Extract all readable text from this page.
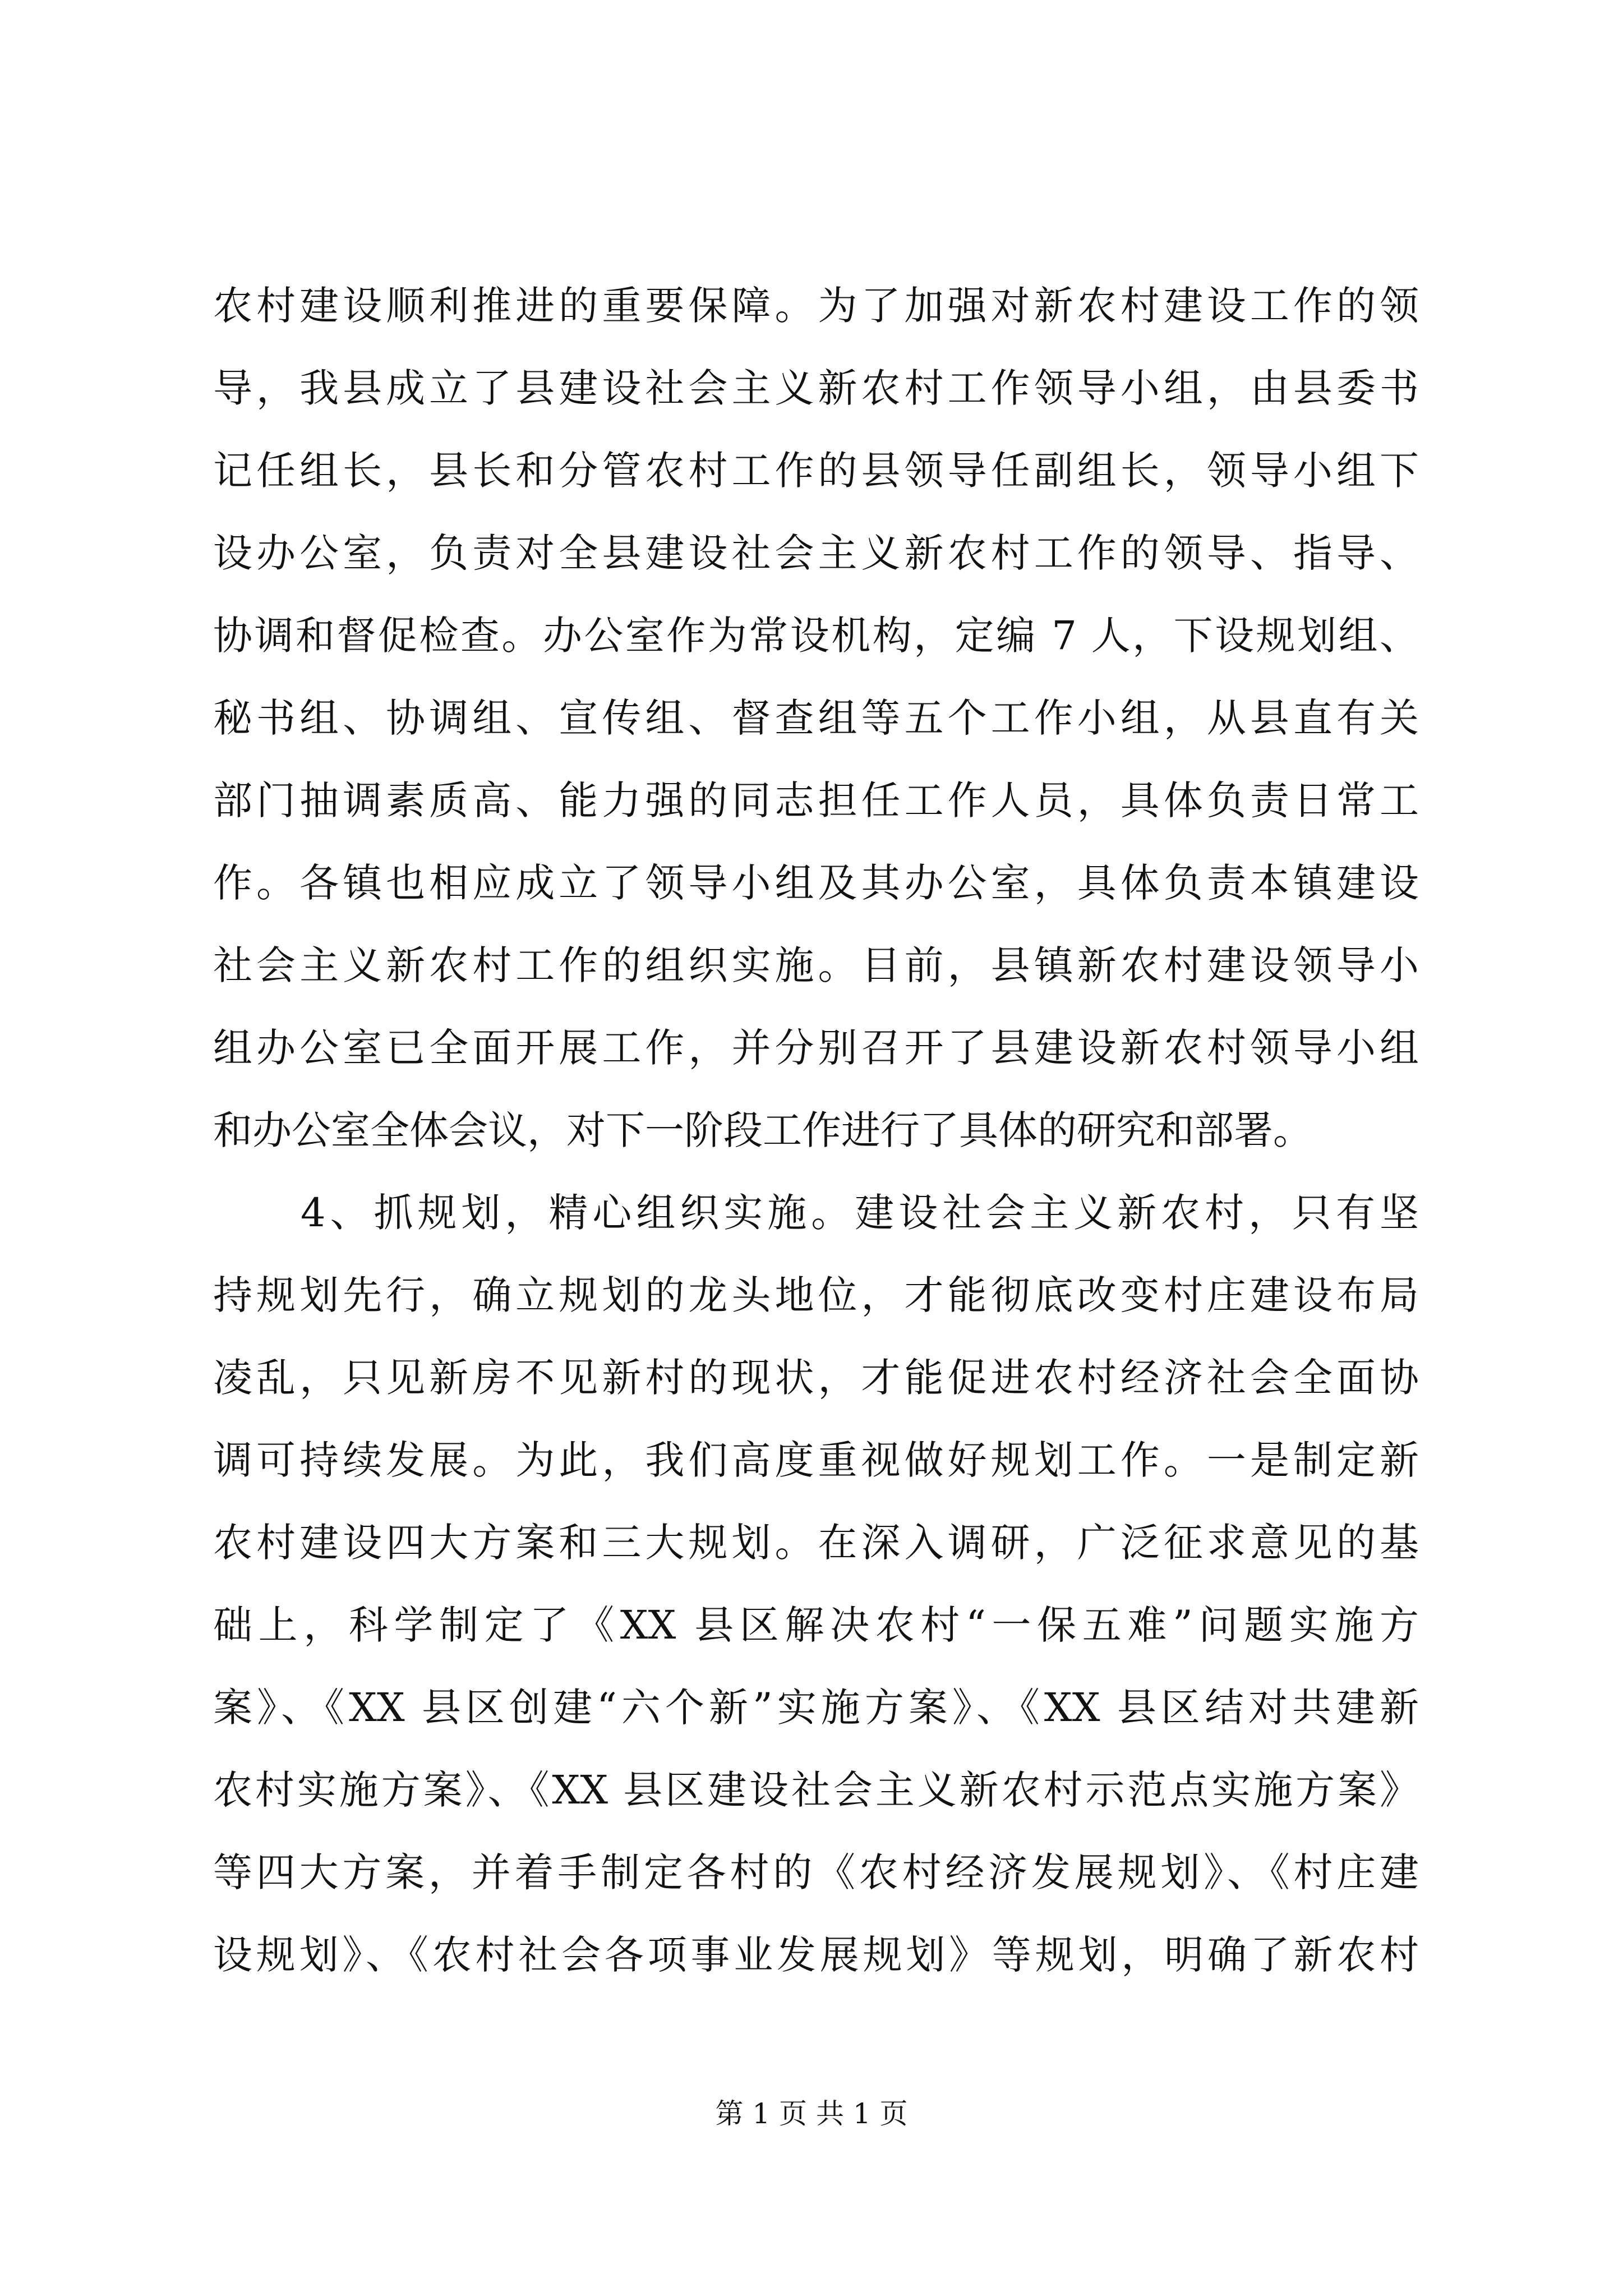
农村建设顺利推进的重要保障。为了加强对新农村建设工作的领
导，我县成立了县建设社会主义新农村工作领导小组，由县委书
记任组长，县长和分管农村工作的县领导任副组长，领导小组下
设办公室，负责对全县建设社会主义新农村工作的领导、指导、
协调和督促检查。办公室作为常设机构，定编 7 人，下设规划组、
秘书组、协调组、宣传组、督查组等五个工作小组，从县直有关
部门抽调素质高、能力强的同志担任工作人员，具体负责日常工
作。各镇也相应成立了领导小组及其办公室，具体负责本镇建设
社会主义新农村工作的组织实施。目前，县镇新农村建设领导小
组办公室已全面开展工作，并分别召开了县建设新农村领导小组
和办公室全体会议，对下一阶段工作进行了具体的研究和部署。
　　4、抓规划，精心组织实施。建设社会主义新农村，只有坚
持规划先行，确立规划的龙头地位，才能彻底改变村庄建设布局
凌乱，只见新房不见新村的现状，才能促进农村经济社会全面协
调可持续发展。为此，我们高度重视做好规划工作。一是制定新
农村建设四大方案和三大规划。在深入调研，广泛征求意见的基
础上，科学制定了《XX 县区解决农村“一保五难”问题实施方
案》、《XX 县区创建“六个新”实施方案》、《XX 县区结对共建新
农村实施方案》、《XX 县区建设社会主义新农村示范点实施方案》
等四大方案，并着手制定各村的《农村经济发展规划》、《村庄建
设规划》、《农村社会各项事业发展规划》等规划，明确了新农村
第 1 页 共 1 页
